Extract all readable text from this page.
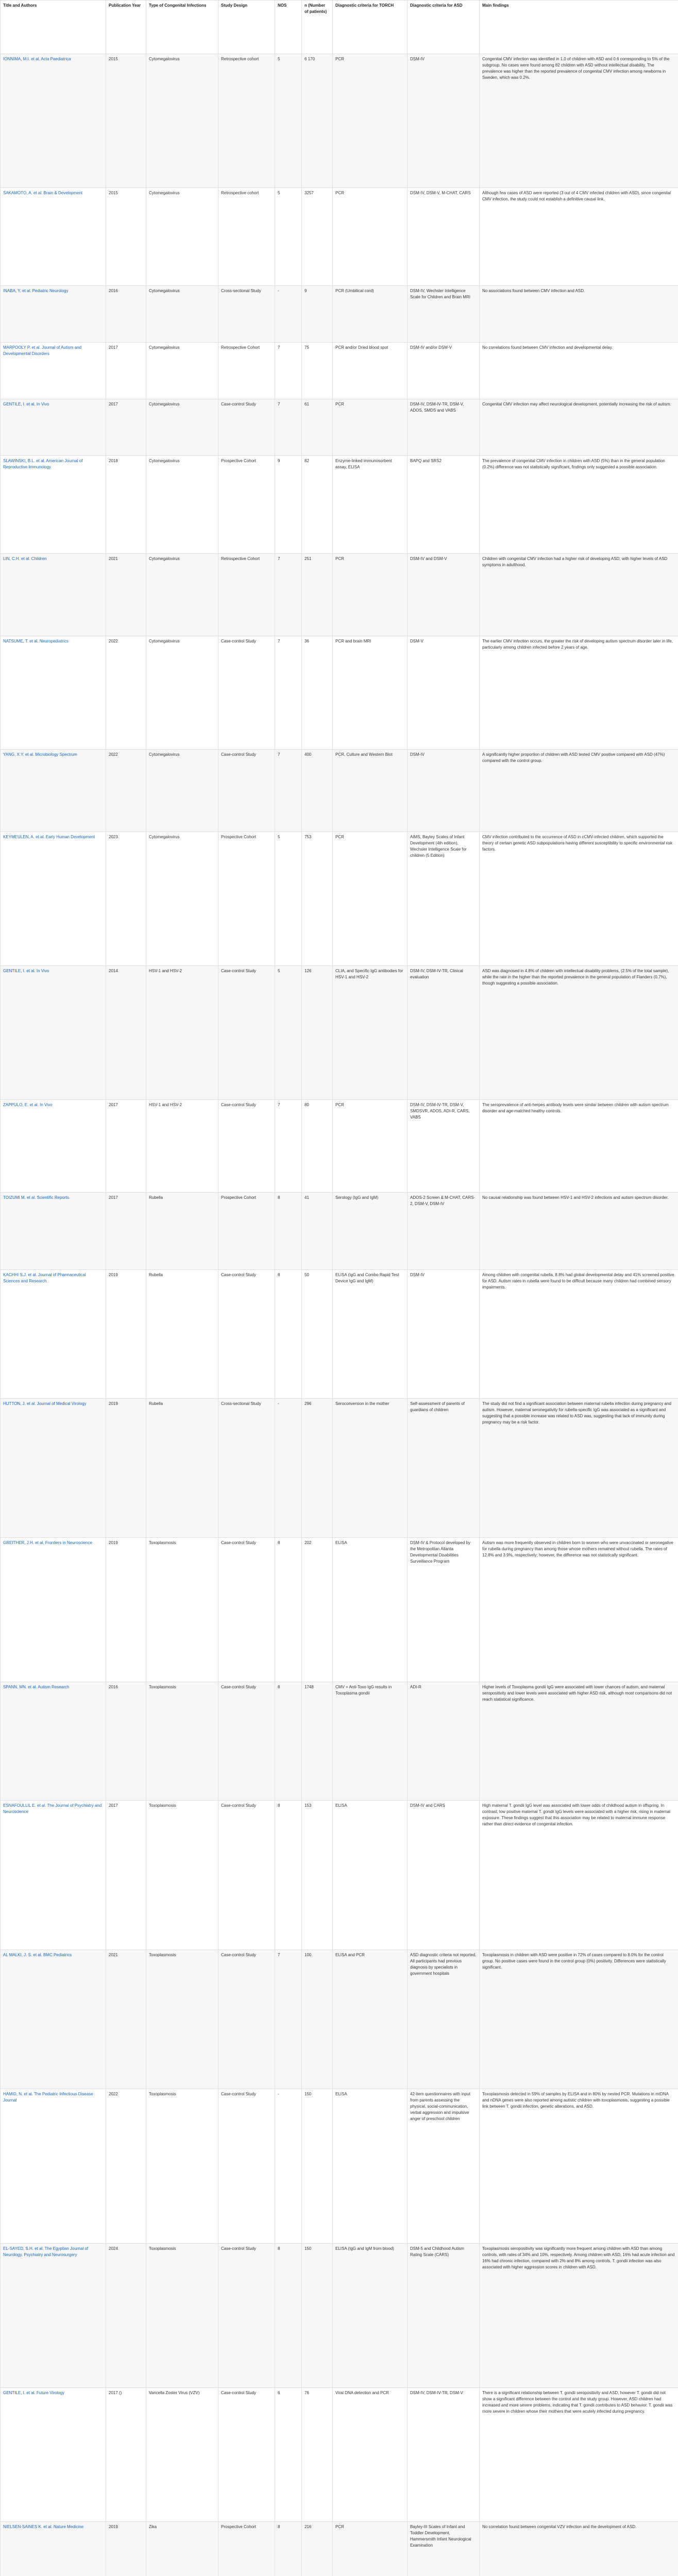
Title and Authors	Publication Year	Type of Congenital Infections	Study Design	NOS	n (Number of patients)	Diagnostic criteria for TORCH	Diagnostic criteria for ASD	Main findings
IONNIMA, M.I. et al. Acta Paediatrica	2015	Cytomegalovirus	Retrospective cohort	5	6 170	PCR	DSM-IV	Congenital CMV infection was identified in 1.0 of children with ASD and 0.6 corresponding to 5% of the subgroup. No cases were found among 82 children with ASD without intellectual disability. The prevalence was higher than the reported prevalence of congenital CMV infection among newborns in Sweden, which was 0.2%.
SAKAMOTO, A. et al. Brain & Development	2015	Cytomegalovirus	Retrospective cohort	5	3257	PCR	DSM-IV, DSM-V, M-CHAT, CARS	Although few cases of ASD were reported (3 out of 4 CMV infected children with ASD), since congenital CMV infection, the study could not establish a definitive causal link.
INABA, Y. et al. Pediatric Neurology	2016	Cytomegalovirus	Cross-sectional Study	-	9	PCR (Umbilical cord)	DSM-IV, Wechsler Intelligence Scale for Children and Brain MRI	No associations found between CMV infection and ASD.
MARPOOLY P. et al. Journal of Autism and Developmental Disorders	2017	Cytomegalovirus	Retrospective Cohort	7	75	PCR and/or Dried blood spot	DSM-IV and/or DSM-V	No correlations found between CMV infection and developmental delay.
GENTILE, I. et al. In Vivo	2017	Cytomegalovirus	Case-control Study	7	61	PCR	DSM-IV, DSM-IV-TR, DSM-V, ADOS, SMDS and VABS	Congenital CMV infection may affect neurological development, potentially increasing the risk of autism.
SLAWINSKI, B.L. et al. American Journal of Reproductive Immunology	2018	Cytomegalovirus	Prospective Cohort	9	82	Enzyme-linked immunosorbent assay, ELISA	BAPQ and SRS2	The prevalence of congenital CMV infection in children with ASD (5%) than in the general population (0.2%) difference was not statistically significant, findings only suggested a possible association.
LIN, C.H. et al. Children	2021	Cytomegalovirus	Retrospective Cohort	7	251	PCR	DSM-IV and DSM-V	Children with congenital CMV infection had a higher risk of developing ASD, with higher levels of ASD symptoms in adulthood.
NATSUME, T. et al. Neuropediatrics	2022	Cytomegalovirus	Case-control Study	7	36	PCR and brain MRI	DSM-V	The earlier CMV infection occurs, the greater the risk of developing autism spectrum disorder later in life, particularly among children infected before 2 years of age.
YANG, X.Y. et al. Microbiology Spectrum	2022	Cytomegalovirus	Case-control Study	7	400	PCR, Culture and Western Blot	DSM-IV	A significantly higher proportion of children with ASD tested CMV positive compared with ASD (47%) compared with the control group.
KEYMEULEN, A. et al. Early Human Development	2023	Cytomegalovirus	Prospective Cohort	5	753	PCR	AIMS, Bayley Scales of Infant Development (4th edition), Wechsler Intelligence Scale for children (5 Edition)	CMV infection contributed to the occurrence of ASD in cCMV-infected children, which supported the theory of certain genetic ASD subpopulations having different susceptibility to specific environmental risk factors.
GENTILE, I. et al. In Vivo	2014	HSV-1 and HSV-2	Case-control Study	5	126	CLIA, and Specific IgG antibodies for HSV-1 and HSV-2	DSM-IV, DSM-IV-TR, Clinical evaluation	ASD was diagnosed in 4.8% of children with intellectual disability problems, (2.5% of the total sample), while the rate in the higher than the reported prevalence in the general population of Flanders (0.7%), though suggesting a possible association.
ZAPPULO, E. et al. In Vivo	2017	HSV-1 and HSV-2	Case-control Study	7	80	PCR	DSM-IV, DSM-IV-TR, DSM-V, SMDSVR, ADOS, ADI-R, CARS, VABS	The seroprevalence of anti-herpes antibody levels were similar between children with autism spectrum disorder and age-matched healthy controls.
TOIZUMI M. et al. Scientific Reports	2017	Rubella	Prospective Cohort	8	41	Serology (IgG and IgM)	ADOS-2 Screen & M-CHAT, CARS-2, DSM-V, DSM-IV	No causal relationship was found between HSV-1 and HSV-2 infections and autism spectrum disorder.
KACHHI S.J. et al. Journal of Pharmaceutical Sciences and Research	2019	Rubella	Case-control Study	8	50	ELISA (IgG and Combo Rapid Test Device IgG and IgM)	DSM-IV	Among children with congenital rubella, 8.8% had global developmental delay and 41% screened positive for ASD. Autism rates in rubella were found to be difficult because many children had combined sensory impairments.
HUTTON, J. et al. Journal of Medical Virology	2019	Rubella	Cross-sectional Study	-	296	Seroconversion in the mother	Self-assessment of parents of guardians of children	The study did not find a significant association between maternal rubella infection during pregnancy and autism. However, maternal seronegativity for rubella-specific IgG was associated as a significant and suggesting that a possible increase was related to ASD was, suggesting that lack of immunity during pregnancy may be a risk factor.
GREITHER, J.H. et al. Frontiers in Neuroscience	2019	Toxoplasmosis	Case-control Study	8	202	ELISA	DSM-IV & Protocol developed by the Metropolitan Atlanta Developmental Disabilities Surveillance Program	Autism was more frequently observed in children born to women who were unvaccinated or seronegative for rubella during pregnancy than among those whose mothers remained without rubella. The rates of 12.8% and 3.9%, respectively; however, the difference was not statistically significant.
SPANN, MN. et al. Autism Research	2016	Toxoplasmosis	Case-control Study	8	1748	CMV + Anti-Toxo IgG results in Toxoplasma gondii	ADI-R	Higher levels of Toxoplasma gondii IgG were associated with lower chances of autism, and maternal seropositivity and lower levels were associated with higher ASD risk, although most comparisons did not reach statistical significance.
ESNAFOULLIL E. et al. The Journal of Psychiatry and Neuroscience	2017	Toxoplasmosis	Case-control Study	8	153	ELISA	DSM-IV and CARS	High maternal T. gondii IgG level was associated with lower odds of childhood autism in offspring. In contrast, low positive maternal T. gondii IgG levels were associated with a higher risk, rising in maternal exposure. These findings suggest that this association may be related to maternal immune response rather than direct evidence of congenital infection.
AL MALKI, J. S. et al. BMC Pediatrics	2021	Toxoplasmosis	Case-control Study	7	100	ELISA and PCR	ASD diagnostic criteria not reported. All participants had previous diagnosis by specialists in government hospitals	Toxoplasmosis in children with ASD were positive in 72% of cases compared to 8.0% for the control group. No positive cases were found in the control group (0%) positivity. Differences were statistically significant.
HAMID, N. et al. The Pediatric Infectious Disease Journal	2022	Toxoplasmosis	Case-control Study	-	150	ELISA	42-item questionnaires with input from parents assessing the physical, social-communication, verbal aggression and impulsive anger of preschool children	Toxoplasmosis detected in 59% of samples by ELISA and in 80% by nested PCR. Mutations in mtDNA and nDNA genes were also reported among autistic children with toxoplasmosis, suggesting a possible link between T. gondii infection, genetic alterations, and ASD.
EL-SAYED, S.H. et al. The Egyptian Journal of Neurology, Psychiatry and Neurosurgery	2024	Toxoplasmosis	Case-control Study	8	150	ELISA (IgG and IgM from blood)	DSM-5 and Childhood Autism Rating Scale (CARS)	Toxoplasmosis seropositivity was significantly more frequent among children with ASD than among controls, with rates of 34% and 10%, respectively. Among children with ASD, 16% had acute infection and 16% had chronic infection, compared with 2% and 8% among controls. T. gondii infection was also associated with higher aggression scores in children with ASD.
GENTILE, I. et al. Future Virology	2017 ()	Varicella Zoster Virus (VZV)	Case-control Study	6	76	Viral DNA detection and PCR	DSM-IV, DSM-IV-TR, DSM-V	There is a significant relationship between T. gondii seropositivity and ASD, however T. gondii did not show a significant difference between the control and the study group. However, ASD children had increased and more severe problems, indicating that T. gondii contributes to ASD behavior. T. gondii was more severe in children whose their mothers that were acutely infected during pregnancy.
NIELSEN-SAINES K. et al. Nature Medicine	2019	Zika	Prospective Cohort	8	216	PCR	Bayley-III Scales of Infant and Toddler Development, Hammersmith Infant Neurological Examination	No correlation found between congenital VZV infection and the development of ASD.
